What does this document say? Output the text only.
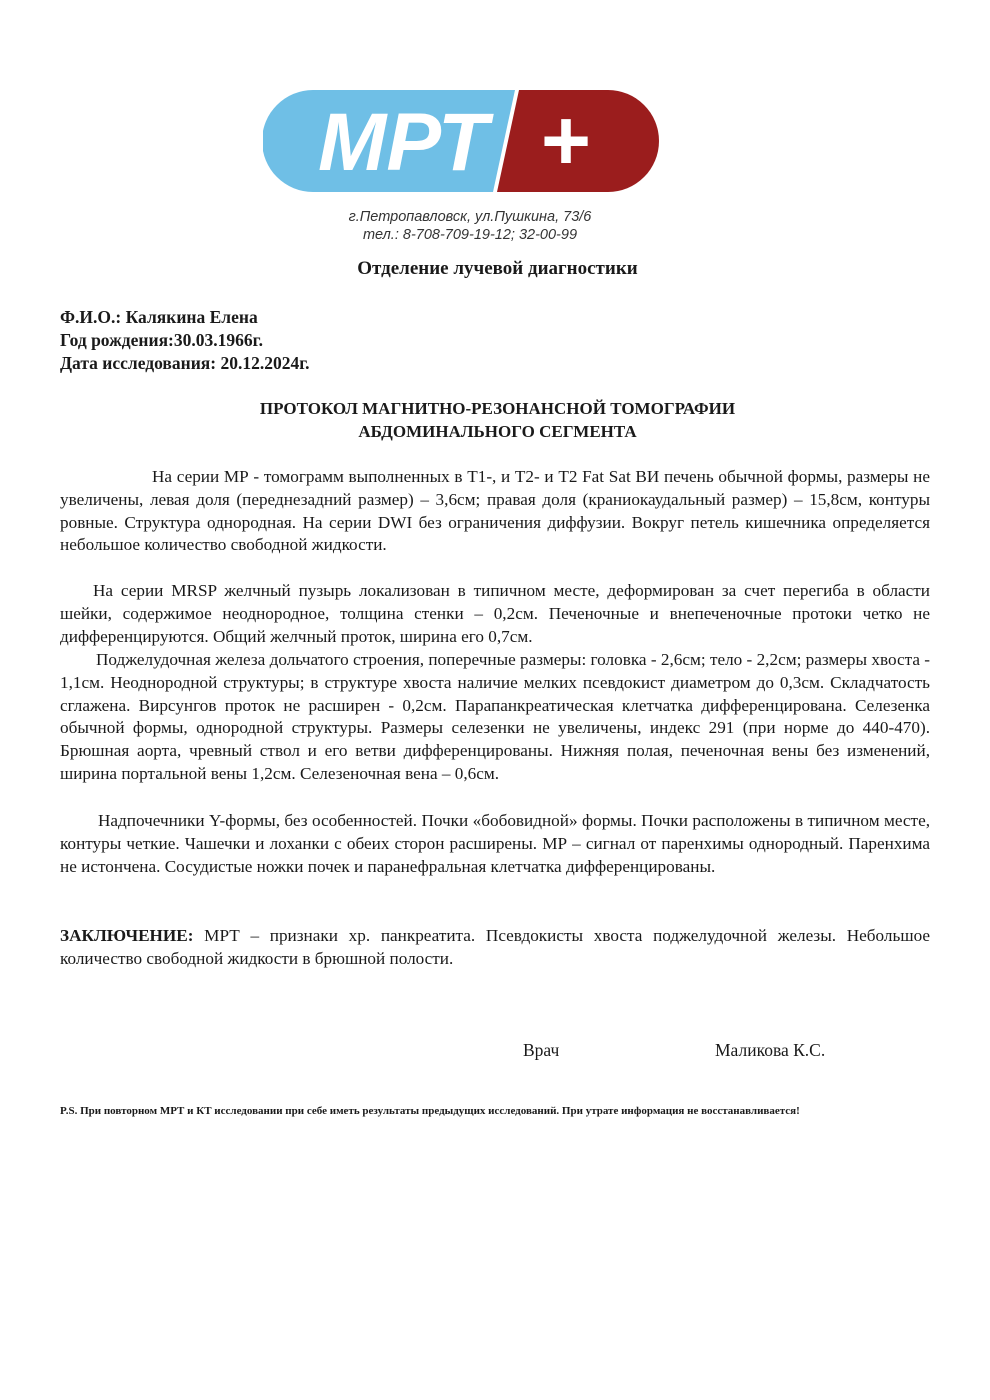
МРТ +
г.Петропавловск, ул.Пушкина, 73/6
тел.: 8-708-709-19-12; 32-00-99
Отделение лучевой диагностики
Ф.И.О.: Калякина Елена
Год рождения:30.03.1966г.
Дата исследования: 20.12.2024г.
ПРОТОКОЛ МАГНИТНО-РЕЗОНАНСНОЙ ТОМОГРАФИИ
АБДОМИНАЛЬНОГО СЕГМЕНТА
На серии МР - томограмм выполненных в Т1-, и Т2- и Т2 Fat Sat ВИ печень обычной формы, размеры не увеличены, левая доля (переднезадний размер) – 3,6см; правая доля (краниокаудальный размер) – 15,8см, контуры ровные. Структура однородная. На серии DWI без ограничения диффузии. Вокруг петель кишечника определяется небольшое количество свободной жидкости.
На серии MRSP желчный пузырь локализован в типичном месте, деформирован за счет перегиба в области шейки, содержимое неоднородное, толщина стенки – 0,2см. Печеночные и внепеченочные протоки четко не дифференцируются. Общий желчный проток, ширина его 0,7см.
Поджелудочная железа дольчатого строения, поперечные размеры: головка - 2,6см; тело - 2,2см; размеры хвоста - 1,1см. Неоднородной структуры; в структуре хвоста наличие мелких псевдокист диаметром до 0,3см. Складчатость сглажена. Вирсунгов проток не расширен - 0,2см. Парапанкреатическая клетчатка дифференцирована. Селезенка обычной формы, однородной структуры. Размеры селезенки не увеличены, индекс 291 (при норме до 440-470). Брюшная аорта, чревный ствол и его ветви дифференцированы. Нижняя полая, печеночная вены без изменений, ширина портальной вены 1,2см. Селезеночная вена – 0,6см.
Надпочечники Y-формы, без особенностей. Почки «бобовидной» формы. Почки расположены в типичном месте, контуры четкие. Чашечки и лоханки с обеих сторон расширены. МР – сигнал от паренхимы однородный. Паренхима не истончена. Сосудистые ножки почек и паранефральная клетчатка дифференцированы.
ЗАКЛЮЧЕНИЕ: МРТ – признаки хр. панкреатита. Псевдокисты хвоста поджелудочной железы. Небольшое количество свободной жидкости в брюшной полости.
Врач	Маликова К.С.
P.S. При повторном МРТ и КТ исследовании при себе иметь результаты предыдущих исследований. При утрате информация не восстанавливается!
